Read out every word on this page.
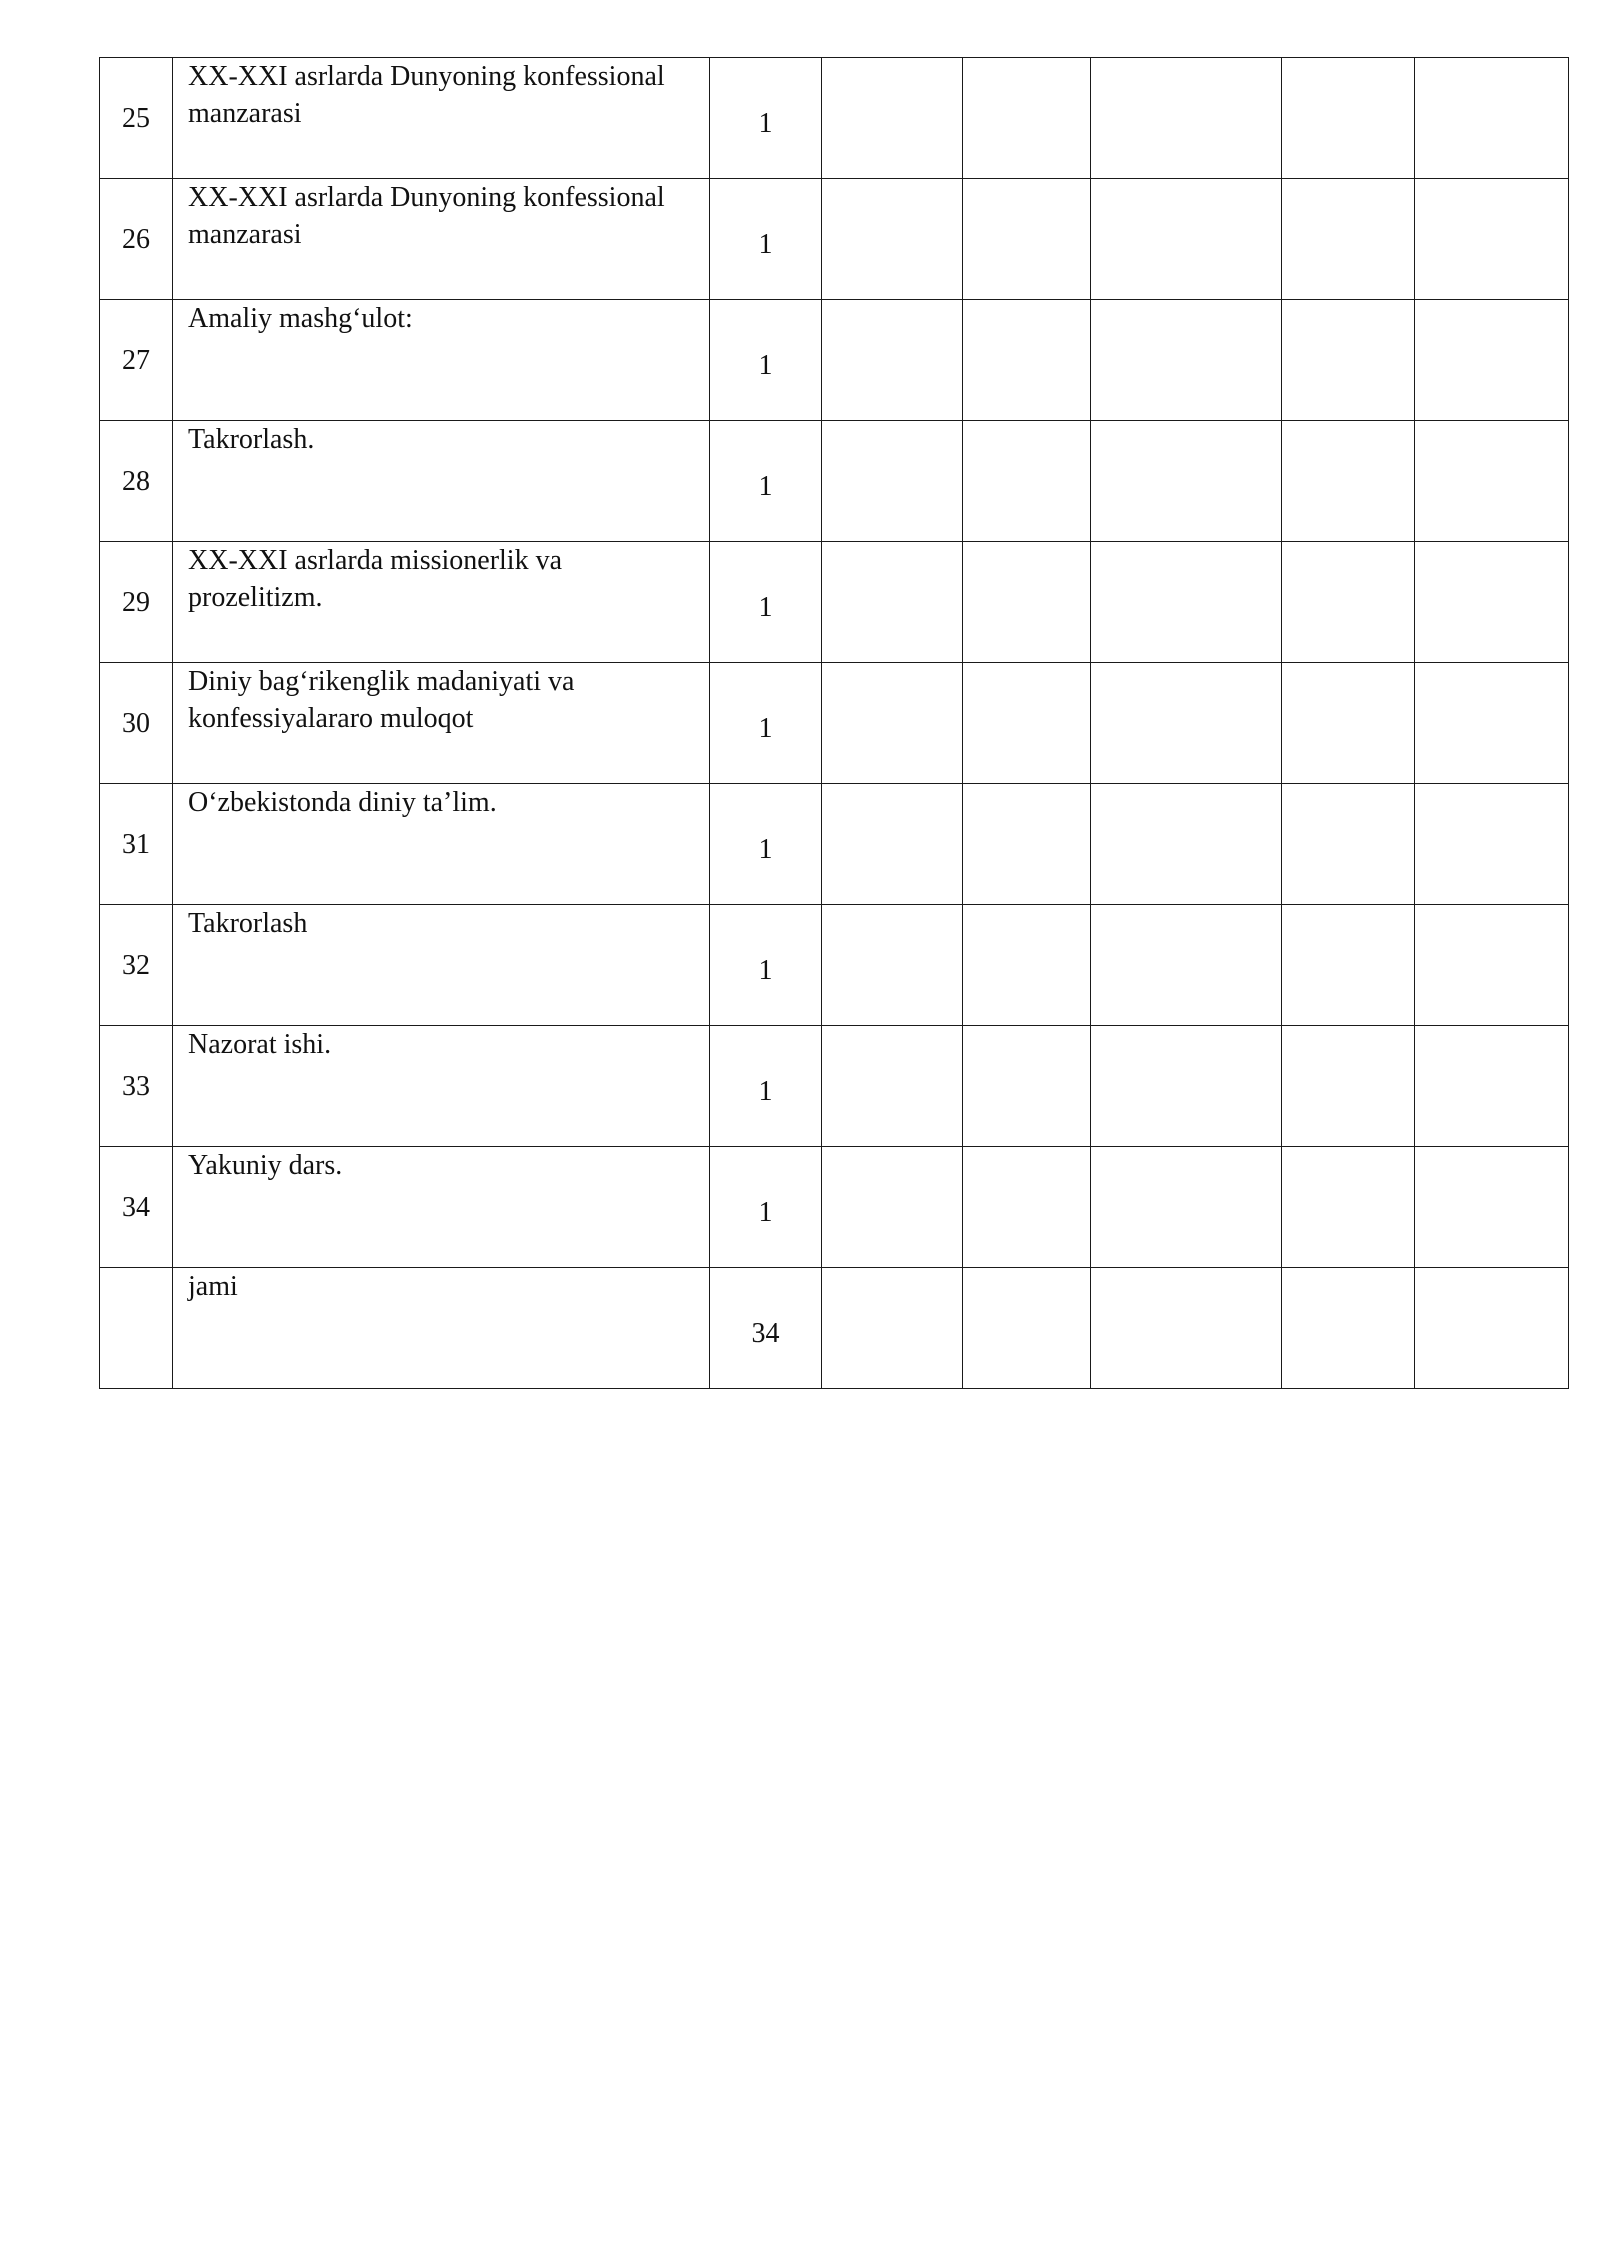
25	XX-XXI asrlarda Dunyoning konfessional manzarasi	1					
26	XX-XXI asrlarda Dunyoning konfessional manzarasi	1					
27	Amaliy mashg‘ulot:	1					
28	Takrorlash.	1					
29	XX-XXI asrlarda missionerlik va prozelitizm.	1					
30	Diniy bag‘rikenglik madaniyati va konfessiyalararo muloqot	1					
31	O‘zbekistonda diniy ta’lim.	1					
32	Takrorlash	1					
33	Nazorat ishi.	1					
34	Yakuniy dars.	1					

	jami	34					
